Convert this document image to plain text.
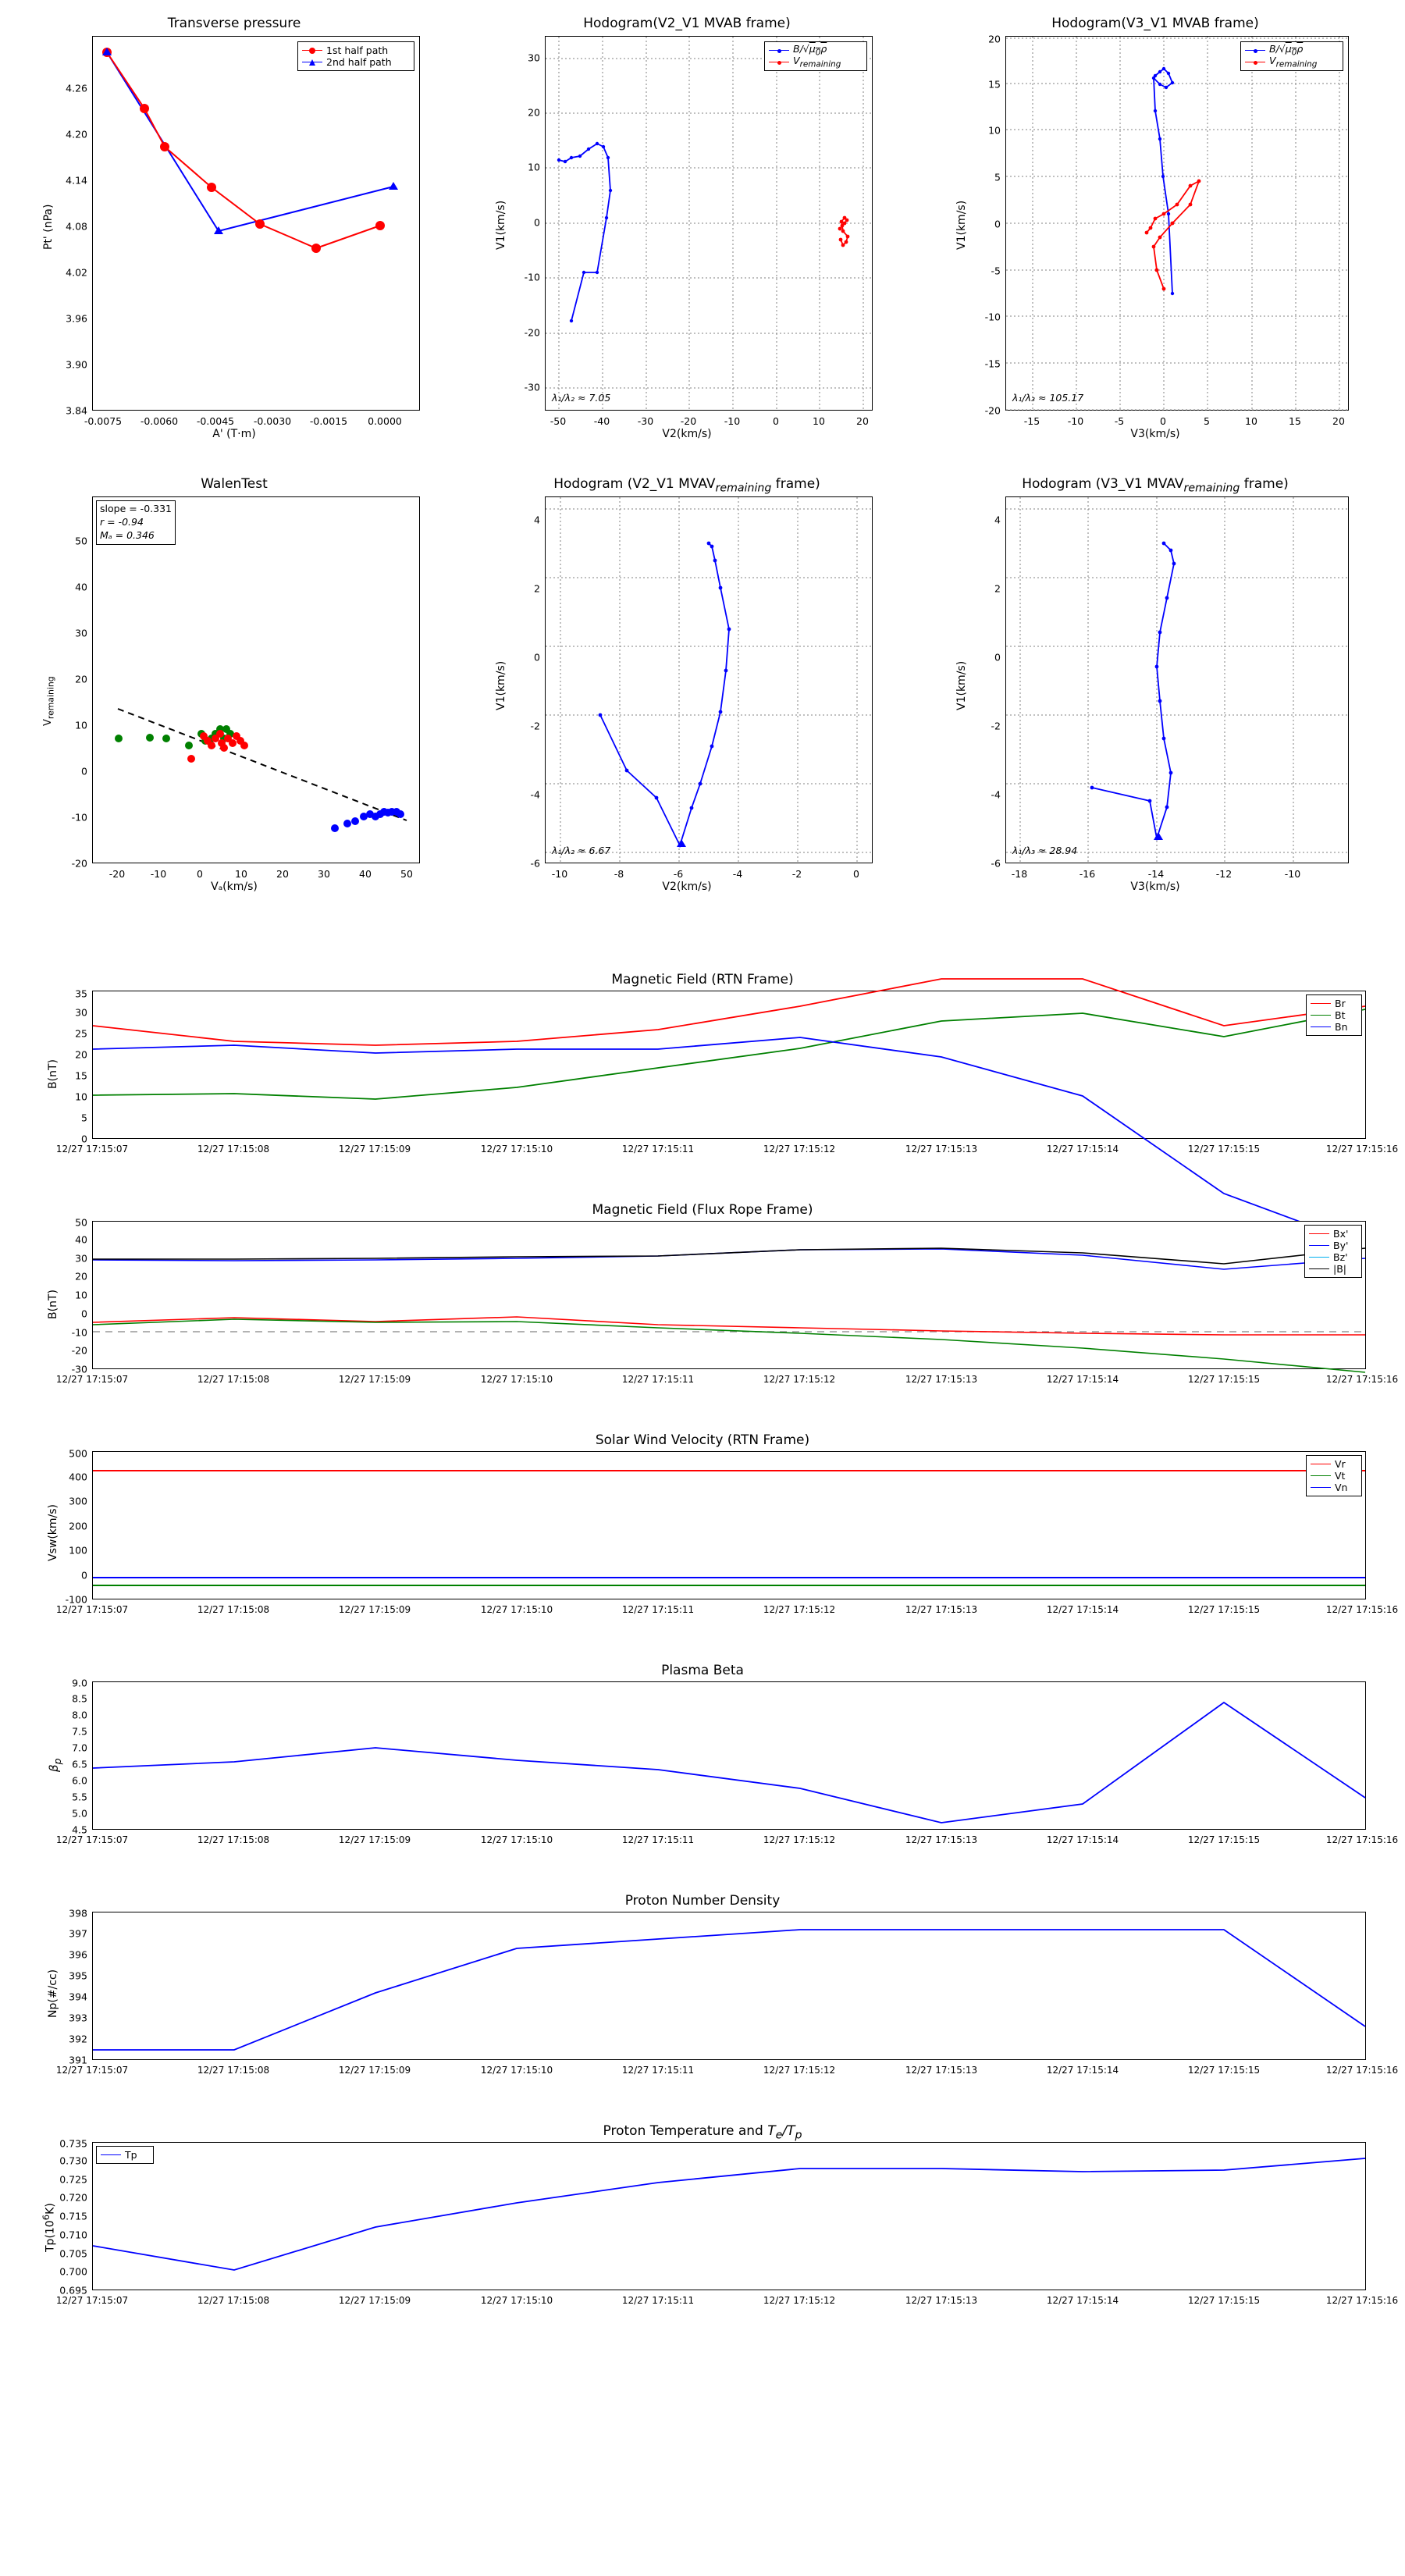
Transverse pressure
1st half path
2nd half path
3.84
3.90
3.96
4.02
4.08
4.14
4.20
4.26
-0.0075 -0.0060 -0.0045 -0.0030 -0.0015 0.0000
A' (T·m)
Pt' (nPa)
Hodogram(V2_V1 MVAB frame)
$B/√\mu_0\rho$
$V_{remaining}$
λ₁/λ₂ ≈ 7.05
-30
-20
-10
0
10
20
30
-50	-40	-30	-20	-10	0	10	20
V2(km/s)
V1(km/s)
Hodogram(V3_V1 MVAB frame)
$B/√\mu_0\rho$
$V_{remaining}$
λ₁/λ₃ ≈ 105.17
-20
-15
-10
-5
0
5
10
15
20
-15	-10	-5	0	5	10	15	20
V3(km/s)
V1(km/s)
WalenTest
slope = -0.331
r = -0.94
Mₐ = 0.346
-20
-10
0
10
20
30
40
50
-20	-10	0	10	20	30	40	50
Vₐ(km/s)
$V_{remaining}$
Hodogram (V2_V1 $MVAV_{remaining}$ frame)
λ₁/λ₂ ≈ 6.67
-6
-4
-2
0
2
4
-10	-8	-6	-4	-2	0
V2(km/s)
V1(km/s)
Hodogram (V3_V1 $MVAV_{remaining}$ frame)
λ₁/λ₃ ≈ 28.94
-6
-4
-2
0
2
4
-18	-16	-14	-12	-10
V3(km/s)
V1(km/s)
Magnetic Field (RTN Frame)
Br
Bt
Bn
0
5
10
15
20
25
30
35
B(nT)
12/27 17:15:07	12/27 17:15:08	12/27 17:15:09	12/27 17:15:10	12/27 17:15:11	12/27 17:15:12	12/27 17:15:13	12/27 17:15:14	12/27 17:15:15	12/27 17:15:16
Magnetic Field (Flux Rope Frame)
Bx'
By'
Bz'
|B|
-30
-20
-10
0
10
20
30
40
50
B(nT)
12/27 17:15:07	12/27 17:15:08	12/27 17:15:09	12/27 17:15:10	12/27 17:15:11	12/27 17:15:12	12/27 17:15:13	12/27 17:15:14	12/27 17:15:15	12/27 17:15:16
Solar Wind Velocity (RTN Frame)
Vr
Vt
Vn
-100
0
100
200
300
400
500
Vsw(km/s)
12/27 17:15:07	12/27 17:15:08	12/27 17:15:09	12/27 17:15:10	12/27 17:15:11	12/27 17:15:12	12/27 17:15:13	12/27 17:15:14	12/27 17:15:15	12/27 17:15:16
Plasma Beta
4.5
5.0
5.5
6.0
6.5
7.0
7.5
8.0
8.5
9.0
$\beta_p$
12/27 17:15:07	12/27 17:15:08	12/27 17:15:09	12/27 17:15:10	12/27 17:15:11	12/27 17:15:12	12/27 17:15:13	12/27 17:15:14	12/27 17:15:15	12/27 17:15:16
Proton Number Density
391
392
393
394
395
396
397
398
Np(#/cc)
12/27 17:15:07	12/27 17:15:08	12/27 17:15:09	12/27 17:15:10	12/27 17:15:11	12/27 17:15:12	12/27 17:15:13	12/27 17:15:14	12/27 17:15:15	12/27 17:15:16
Proton Temperature and $T_e/T_p$
Tp
0.695
0.700
0.705
0.710
0.715
0.720
0.725
0.730
0.735
$Tp(10^6K)$
12/27 17:15:07	12/27 17:15:08	12/27 17:15:09	12/27 17:15:10	12/27 17:15:11	12/27 17:15:12	12/27 17:15:13	12/27 17:15:14	12/27 17:15:15	12/27 17:15:16
